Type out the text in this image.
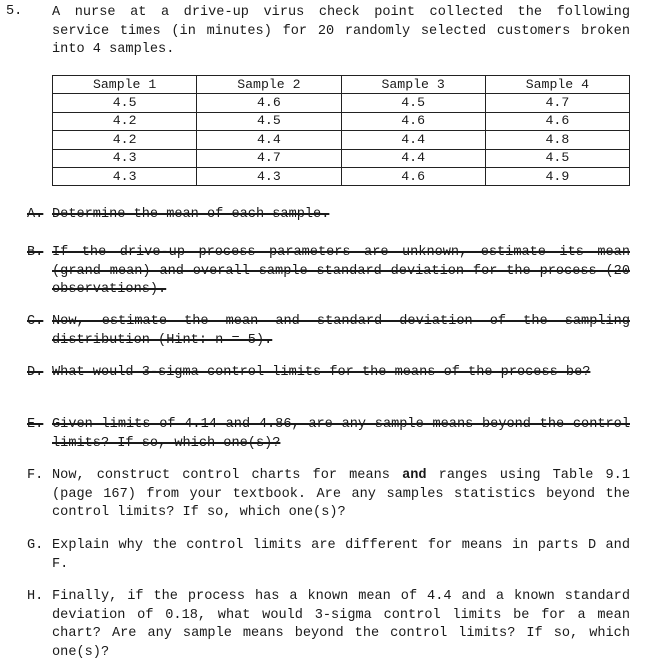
5. A nurse at a drive-up virus check point collected the following service times (in minutes) for 20 randomly selected customers broken into 4 samples.
Sample 1	Sample 2	Sample 3	Sample 4
4.5	4.6	4.5	4.7
4.2	4.5	4.6	4.6
4.2	4.4	4.4	4.8
4.3	4.7	4.4	4.5
4.3	4.3	4.6	4.9
A. Determine the mean of each sample.
B. If the drive-up process parameters are unknown, estimate its mean (grand mean) and overall sample standard deviation for the process (20 observations).
C. Now, estimate the mean and standard deviation of the sampling distribution (Hint: n = 5).
D. What would 3-sigma control limits for the means of the process be?
E. Given limits of 4.14 and 4.86, are any sample means beyond the control limits? If so, which one(s)?
F. Now, construct control charts for means and ranges using Table 9.1 (page 167) from your textbook. Are any samples statistics beyond the control limits? If so, which one(s)?
G. Explain why the control limits are different for means in parts D and F.
H. Finally, if the process has a known mean of 4.4 and a known standard deviation of 0.18, what would 3-sigma control limits be for a mean chart? Are any sample means beyond the control limits? If so, which one(s)?
